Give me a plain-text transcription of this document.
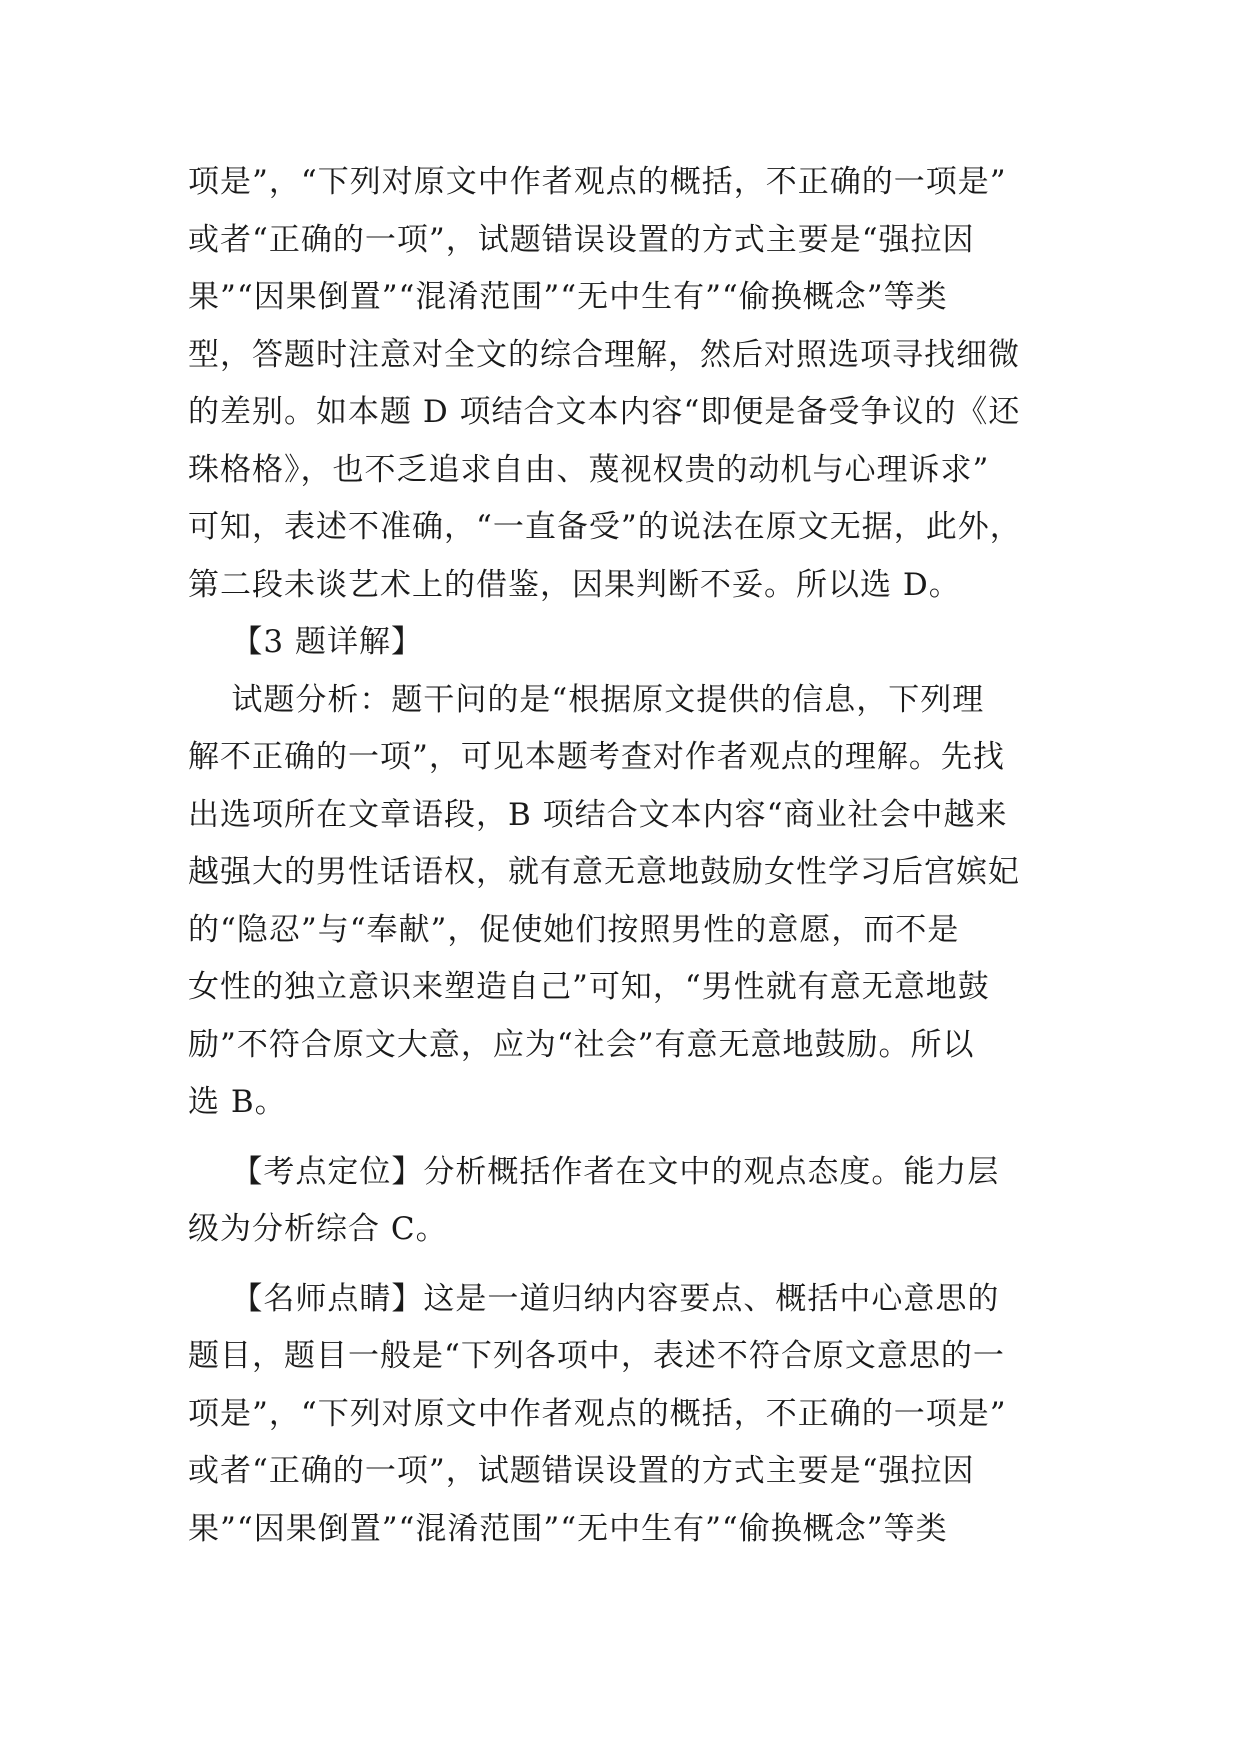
项是”，“下列对原文中作者观点的概括，不正确的一项是”
或者“正确的一项”，试题错误设置的方式主要是“强拉因
果”“因果倒置”“混淆范围”“无中生有”“偷换概念”等类
型，答题时注意对全文的综合理解，然后对照选项寻找细微
的差别。如本题 D 项结合文本内容“即便是备受争议的《还
珠格格》，也不乏追求自由、蔑视权贵的动机与心理诉求”
可知，表述不准确，“一直备受”的说法在原文无据，此外，
第二段未谈艺术上的借鉴，因果判断不妥。所以选 D。
【3 题详解】
试题分析：题干问的是“根据原文提供的信息，下列理
解不正确的一项”，可见本题考查对作者观点的理解。先找
出选项所在文章语段，B 项结合文本内容“商业社会中越来
越强大的男性话语权，就有意无意地鼓励女性学习后宫嫔妃
的“隐忍”与“奉献”，促使她们按照男性的意愿，而不是
女性的独立意识来塑造自己”可知，“男性就有意无意地鼓
励”不符合原文大意，应为“社会”有意无意地鼓励。所以
选 B。
【考点定位】分析概括作者在文中的观点态度。能力层
级为分析综合 C。
【名师点睛】这是一道归纳内容要点、概括中心意思的
题目，题目一般是“下列各项中，表述不符合原文意思的一
项是”，“下列对原文中作者观点的概括，不正确的一项是”
或者“正确的一项”，试题错误设置的方式主要是“强拉因
果”“因果倒置”“混淆范围”“无中生有”“偷换概念”等类
